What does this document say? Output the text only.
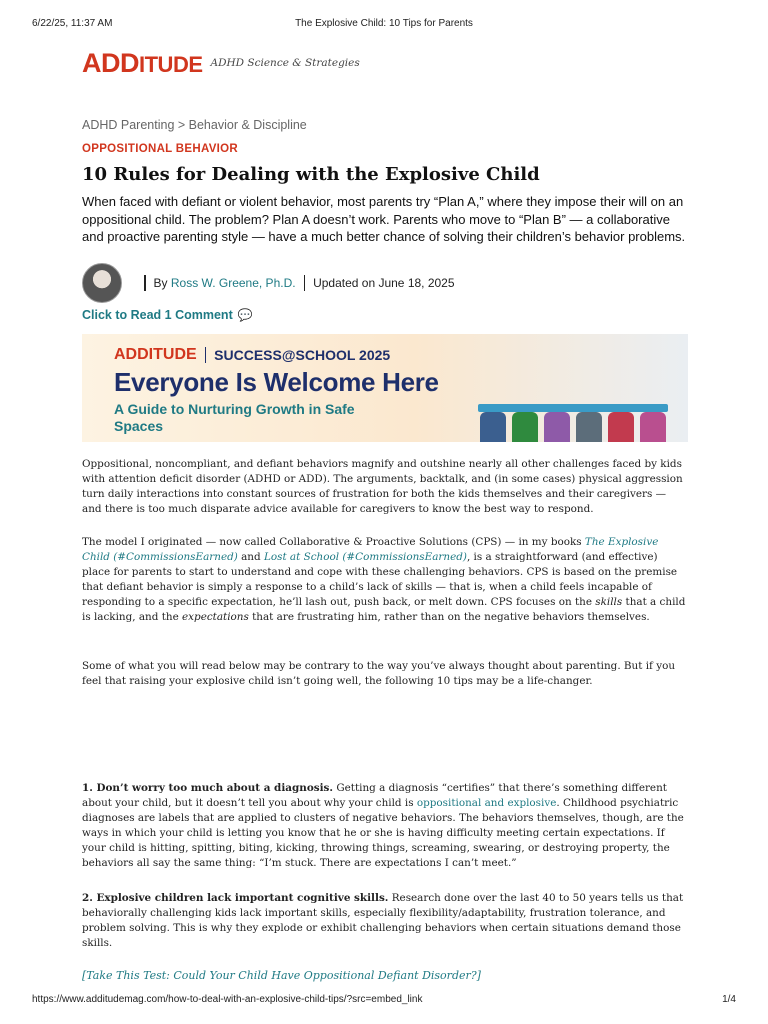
6/22/25, 11:37 AM	The Explosive Child: 10 Tips for Parents
ADDITUDE ADHD Science & Strategies
ADHD Parenting > Behavior & Discipline
OPPOSITIONAL BEHAVIOR
10 Rules for Dealing with the Explosive Child

When faced with defiant or violent behavior, most parents try “Plan A,” where they impose their will on an oppositional child. The problem? Plan A doesn’t work. Parents who move to “Plan B” — a collaborative and proactive parenting style — have a much better chance of solving their children’s behavior problems.

By
Ross W. Greene, Ph.D. Updated on June 18, 2025
Click to Read 1 Comment 💬
ADDITUDE SUCCESS@SCHOOL 2025
Everyone Is Welcome Here
A Guide to Nurturing Growth in Safe Spaces

Oppositional, noncompliant, and defiant behaviors magnify and outshine nearly all other challenges faced by kids with attention deficit disorder (ADHD or ADD). The arguments, backtalk, and (in some cases) physical aggression turn daily interactions into constant sources of frustration for both the kids themselves and their caregivers — and there is too much disparate advice available for caregivers to know the best way to respond.

The model I originated — now called Collaborative & Proactive Solutions (CPS) — in my books The Explosive Child (#CommissionsEarned) and Lost at School (#CommissionsEarned), is a straightforward (and effective) place for parents to start to understand and cope with these challenging behaviors. CPS is based on the premise that defiant behavior is simply a response to a child’s lack of skills — that is, when a child feels incapable of responding to a specific expectation, he’ll lash out, push back, or melt down. CPS focuses on the skills that a child is lacking, and the expectations that are frustrating him, rather than on the negative behaviors themselves.

Some of what you will read below may be contrary to the way you’ve always thought about parenting. But if you feel that raising your explosive child isn’t going well, the following 10 tips may be a life-changer.

1. Don’t worry too much about a diagnosis. Getting a diagnosis “certifies” that there’s something different about your child, but it doesn’t tell you about why your child is oppositional and explosive. Childhood psychiatric diagnoses are labels that are applied to clusters of negative behaviors. The behaviors themselves, though, are the ways in which your child is letting you know that he or she is having difficulty meeting certain expectations. If your child is hitting, spitting, biting, kicking, throwing things, screaming, swearing, or destroying property, the behaviors all say the same thing: “I’m stuck. There are expectations I can’t meet.”

2. Explosive children lack important cognitive skills. Research done over the last 40 to 50 years tells us that behaviorally challenging kids lack important skills, especially flexibility/adaptability, frustration tolerance, and problem solving. This is why they explode or exhibit challenging behaviors when certain situations demand those skills.

[Take This Test: Could Your Child Have Oppositional Defiant Disorder?]

https://www.additudemag.com/how-to-deal-with-an-explosive-child-tips/?src=embed_link	1/4
